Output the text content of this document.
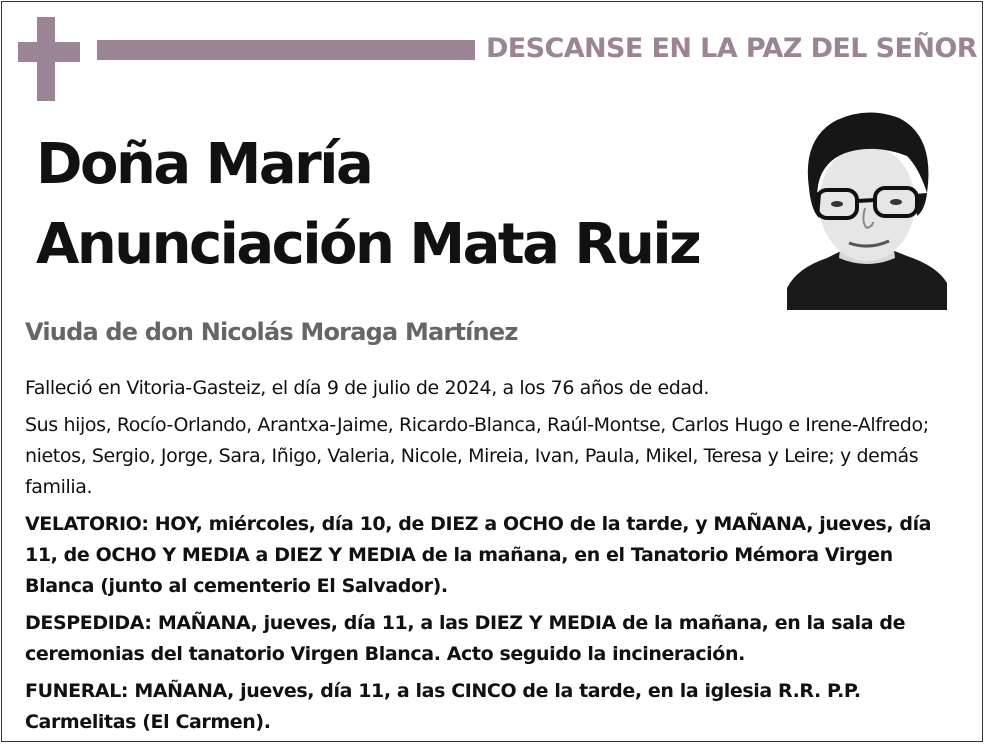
DESCANSE EN LA PAZ DEL SEÑOR
Doña María
Anunciación Mata Ruiz
Viuda de don Nicolás Moraga Martínez

Falleció en Vitoria-Gasteiz, el día 9 de julio de 2024, a los 76 años de edad.

Sus hijos, Rocío-Orlando, Arantxa-Jaime, Ricardo-Blanca, Raúl-Montse, Carlos Hugo e Irene-Alfredo; nietos, Sergio, Jorge, Sara, Iñigo, Valeria, Nicole, Mireia, Ivan, Paula, Mikel, Teresa y Leire; y demás familia.

VELATORIO: HOY, miércoles, día 10, de DIEZ a OCHO de la tarde, y MAÑANA, jueves, día 11, de OCHO Y MEDIA a DIEZ Y MEDIA de la mañana, en el Tanatorio Mémora Virgen Blanca (junto al cementerio El Salvador).

DESPEDIDA: MAÑANA, jueves, día 11, a las DIEZ Y MEDIA de la mañana, en la sala de ceremonias del tanatorio Virgen Blanca. Acto seguido la incineración.

FUNERAL: MAÑANA, jueves, día 11, a las CINCO de la tarde, en la iglesia R.R. P.P. Carmelitas (El Carmen).
